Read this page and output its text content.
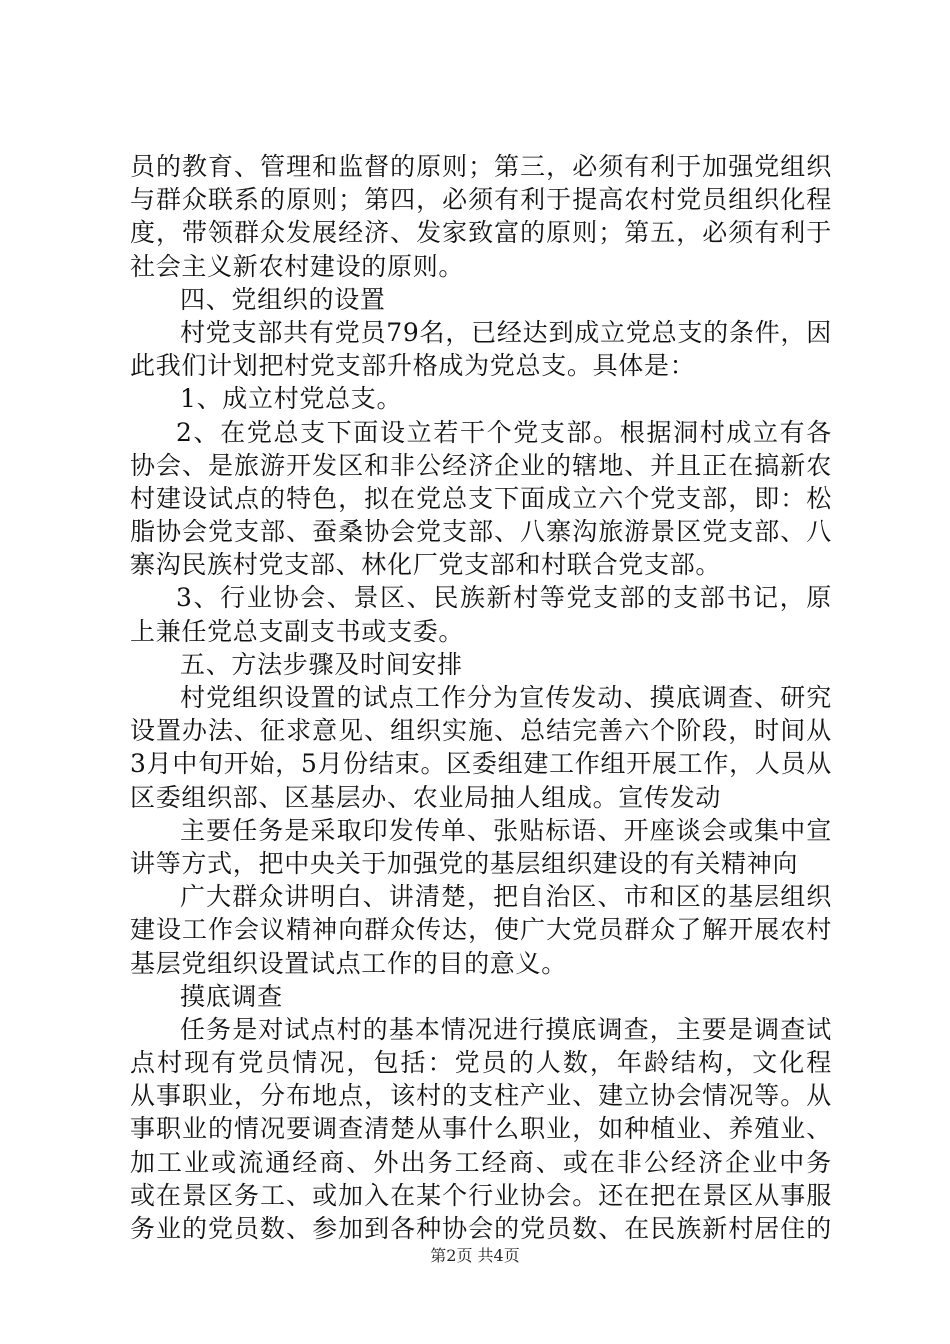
员的教育、管理和监督的原则；第三，必须有利于加强党组织
与群众联系的原则；第四，必须有利于提高农村党员组织化程
度，带领群众发展经济、发家致富的原则；第五，必须有利于
社会主义新农村建设的原则。
四、党组织的设置
村党支部共有党员79名，已经达到成立党总支的条件，因
此我们计划把村党支部升格成为党总支。具体是：
1、成立村党总支。
2、在党总支下面设立若干个党支部。根据洞村成立有各
协会、是旅游开发区和非公经济企业的辖地、并且正在搞新农
村建设试点的特色，拟在党总支下面成立六个党支部，即：松
脂协会党支部、蚕桑协会党支部、八寨沟旅游景区党支部、八
寨沟民族村党支部、林化厂党支部和村联合党支部。
3、行业协会、景区、民族新村等党支部的支部书记，原
上兼任党总支副支书或支委。
五、方法步骤及时间安排
村党组织设置的试点工作分为宣传发动、摸底调查、研究
设置办法、征求意见、组织实施、总结完善六个阶段，时间从
3月中旬开始，5月份结束。区委组建工作组开展工作，人员从
区委组织部、区基层办、农业局抽人组成。宣传发动
主要任务是采取印发传单、张贴标语、开座谈会或集中宣
讲等方式，把中央关于加强党的基层组织建设的有关精神向
广大群众讲明白、讲清楚，把自治区、市和区的基层组织
建设工作会议精神向群众传达，使广大党员群众了解开展农村
基层党组织设置试点工作的目的意义。
摸底调查
任务是对试点村的基本情况进行摸底调查，主要是调查试
点村现有党员情况，包括：党员的人数，年龄结构，文化程
从事职业，分布地点，该村的支柱产业、建立协会情况等。从
事职业的情况要调查清楚从事什么职业，如种植业、养殖业、
加工业或流通经商、外出务工经商、或在非公经济企业中务
或在景区务工、或加入在某个行业协会。还在把在景区从事服
务业的党员数、参加到各种协会的党员数、在民族新村居住的
第2页 共4页
